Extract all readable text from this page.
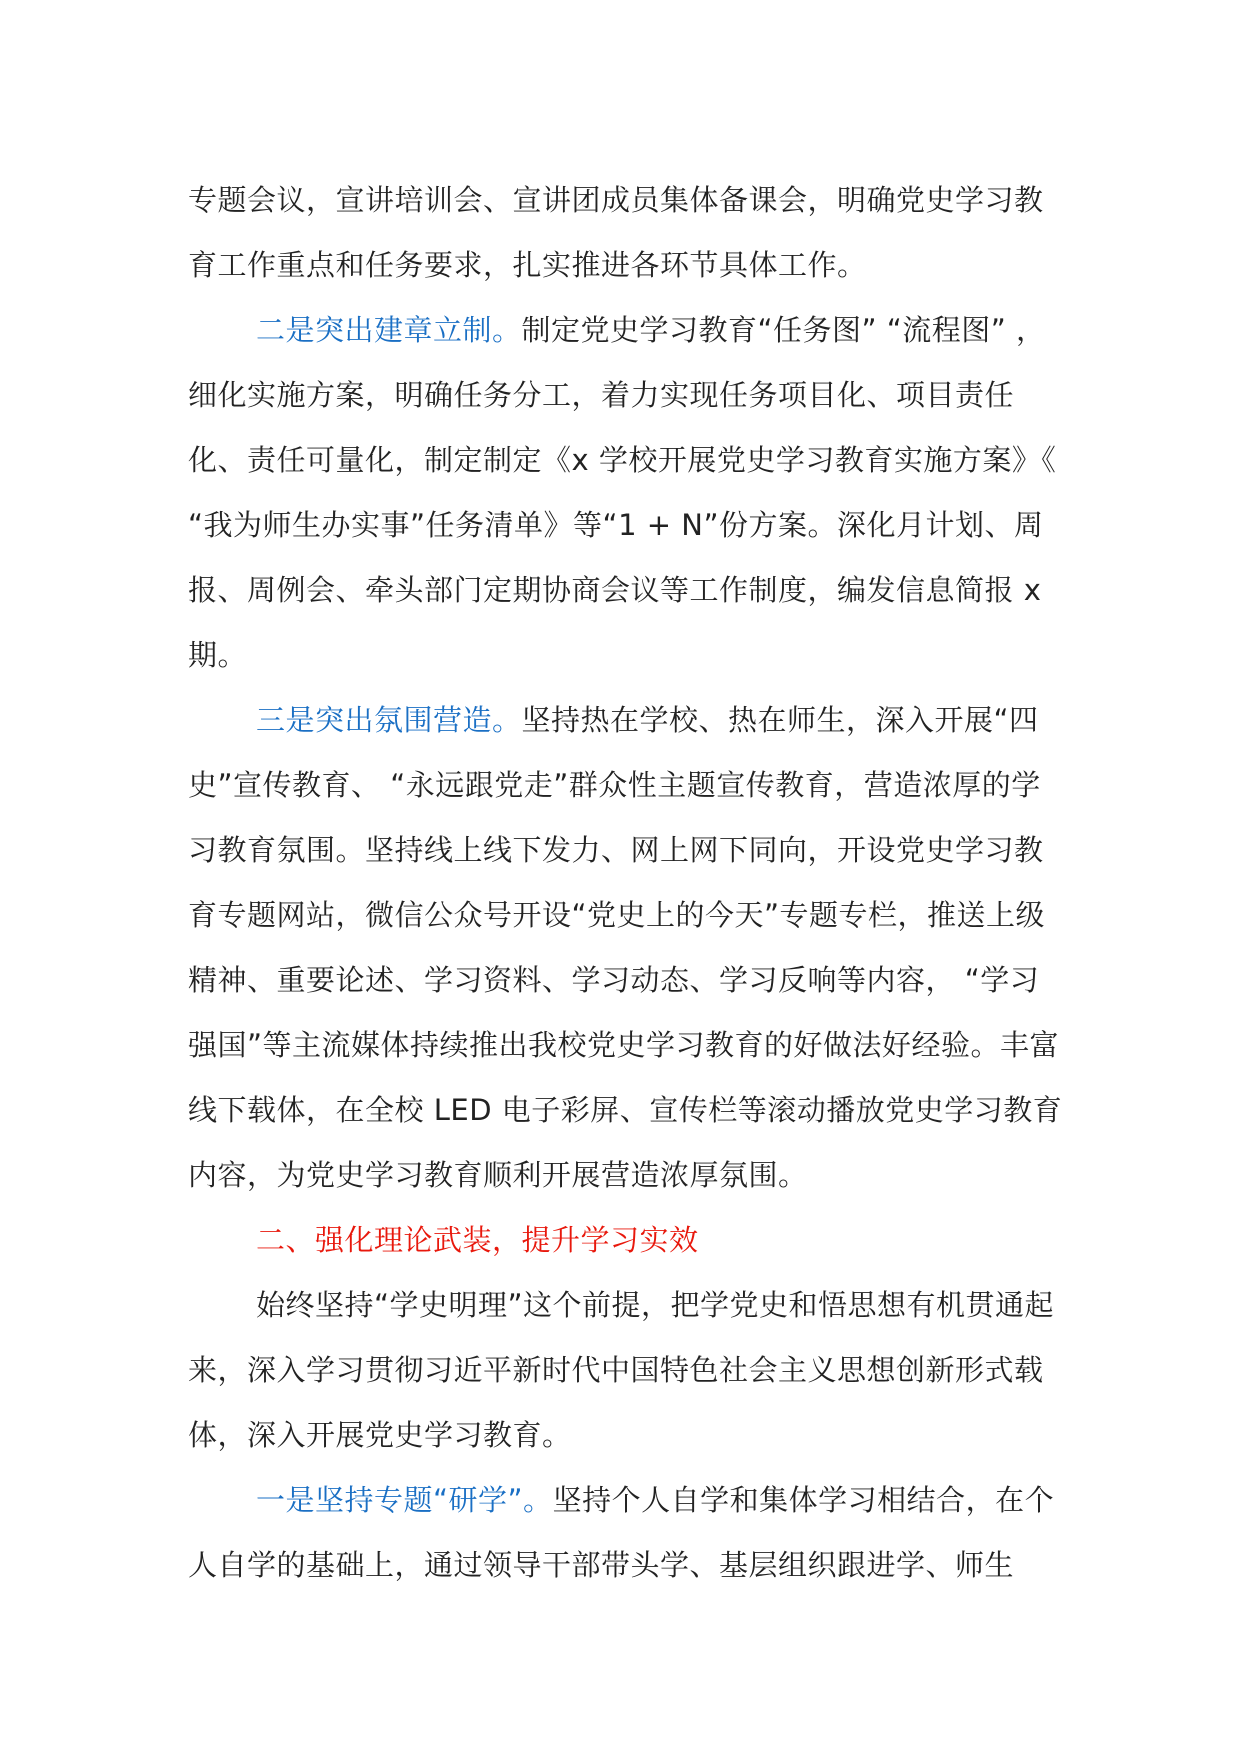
专题会议，宣讲培训会、宣讲团成员集体备课会，明确党史学习教育工作重点和任务要求，扎实推进各环节具体工作。

二是突出建章立制。制定党史学习教育“任务图” “流程图” ，细化实施方案，明确任务分工，着力实现任务项目化、项目责任化、责任可量化，制定制定《x 学校开展党史学习教育实施方案》《 “我为师生办实事”任务清单》等“1 + N”份方案。深化月计划、周报、周例会、牵头部门定期协商会议等工作制度，编发信息简报 x 期。

三是突出氛围营造。坚持热在学校、热在师生，深入开展“四史”宣传教育、 “永远跟党走”群众性主题宣传教育，营造浓厚的学习教育氛围。坚持线上线下发力、网上网下同向，开设党史学习教育专题网站，微信公众号开设“党史上的今天”专题专栏，推送上级精神、重要论述、学习资料、学习动态、学习反响等内容， “学习强国”等主流媒体持续推出我校党史学习教育的好做法好经验。丰富线下载体，在全校 LED 电子彩屏、宣传栏等滚动播放党史学习教育内容，为党史学习教育顺利开展营造浓厚氛围。

二、强化理论武装，提升学习实效

始终坚持“学史明理”这个前提，把学党史和悟思想有机贯通起来，深入学习贯彻习近平新时代中国特色社会主义思想创新形式载体，深入开展党史学习教育。

一是坚持专题“研学”。坚持个人自学和集体学习相结合，在个人自学的基础上，通过领导干部带头学、基层组织跟进学、师生
